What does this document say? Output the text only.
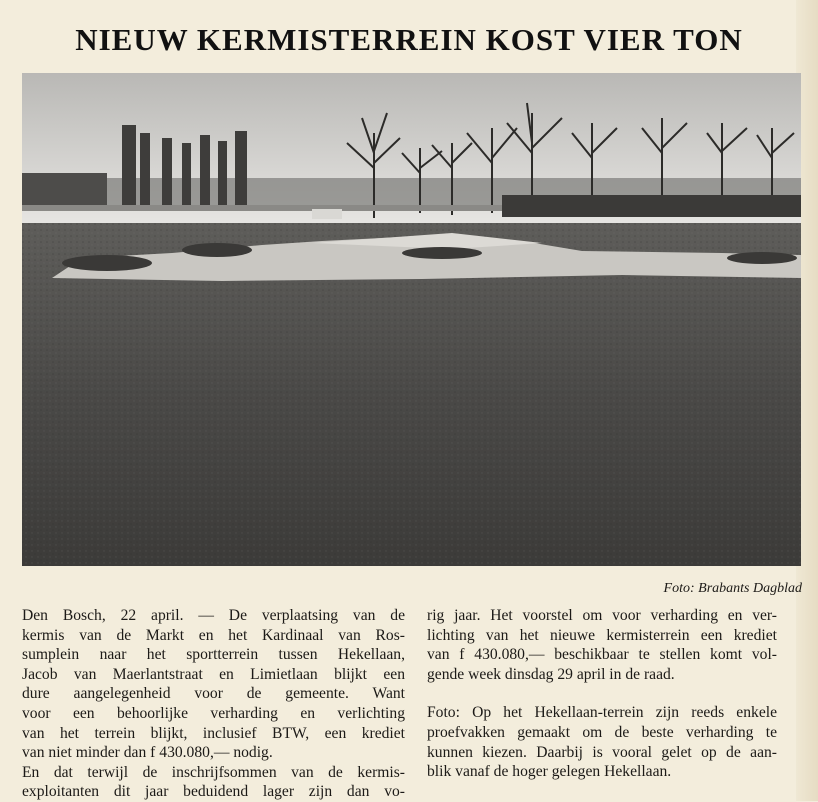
NIEUW KERMISTERREIN KOST VIER TON
Foto: Brabants Dagblad
Den Bosch, 22 april. — De verplaatsing van de
kermis van de Markt en het Kardinaal van Ros-
sumplein naar het sportterrein tussen Hekellaan,
Jacob van Maerlantstraat en Limietlaan blijkt een
dure aangelegenheid voor de gemeente. Want
voor een behoorlijke verharding en verlichting
van het terrein blijkt, inclusief BTW, een krediet
van niet minder dan f 430.080,— nodig.
En dat terwijl de inschrijfsommen van de kermis-
exploitanten dit jaar beduidend lager zijn dan vo-
rig jaar. Het voorstel om voor verharding en ver-
lichting van het nieuwe kermisterrein een krediet
van f 430.080,— beschikbaar te stellen komt vol-
gende week dinsdag 29 april in de raad.
Foto: Op het Hekellaan-terrein zijn reeds enkele
proefvakken gemaakt om de beste verharding te
kunnen kiezen. Daarbij is vooral gelet op de aan-
blik vanaf de hoger gelegen Hekellaan.
